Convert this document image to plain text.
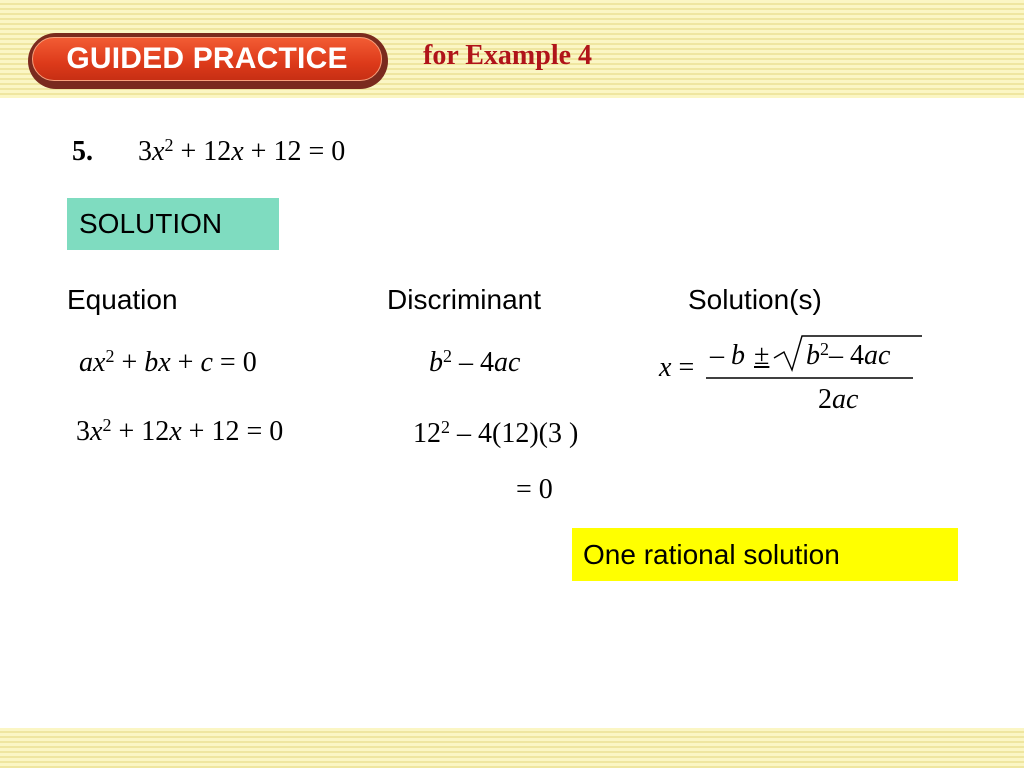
GUIDED PRACTICE	for Example 4
5. $3x^2 + 12x + 12 = 0$
SOLUTION
Equation	Discriminant	Solution(s)
$ax^2$ + bx + c = 0	$b^2 - 4ac$	x = – $b \pm b^2-$ 4ac
2ac
$3x^2 + 12x + 12 = 0$	$12^2 - 4(12)(3$ )
= 0
One rational solution
